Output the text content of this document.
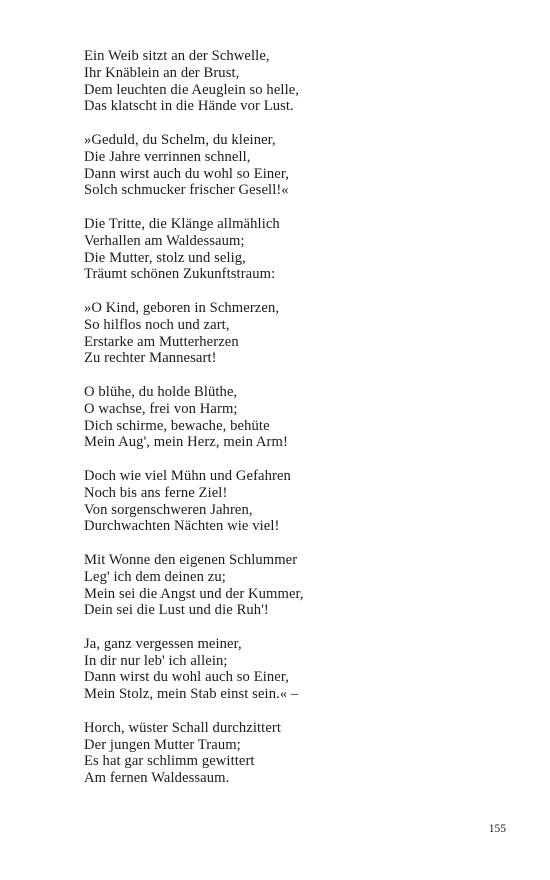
Ein Weib sitzt an der Schwelle,
Ihr Knäblein an der Brust,
Dem leuchten die Aeuglein so helle,
Das klatscht in die Hände vor Lust.
»Geduld, du Schelm, du kleiner,
Die Jahre verrinnen schnell,
Dann wirst auch du wohl so Einer,
Solch schmucker frischer Gesell!«
Die Tritte, die Klänge allmählich
Verhallen am Waldessaum;
Die Mutter, stolz und selig,
Träumt schönen Zukunftstraum:
»O Kind, geboren in Schmerzen,
So hilflos noch und zart,
Erstarke am Mutterherzen
Zu rechter Mannesart!
O blühe, du holde Blüthe,
O wachse, frei von Harm;
Dich schirme, bewache, behüte
Mein Aug', mein Herz, mein Arm!
Doch wie viel Mühn und Gefahren
Noch bis ans ferne Ziel!
Von sorgenschweren Jahren,
Durchwachten Nächten wie viel!
Mit Wonne den eigenen Schlummer
Leg' ich dem deinen zu;
Mein sei die Angst und der Kummer,
Dein sei die Lust und die Ruh'!
Ja, ganz vergessen meiner,
In dir nur leb' ich allein;
Dann wirst du wohl auch so Einer,
Mein Stolz, mein Stab einst sein.« –
Horch, wüster Schall durchzittert
Der jungen Mutter Traum;
Es hat gar schlimm gewittert
Am fernen Waldessaum.
155
